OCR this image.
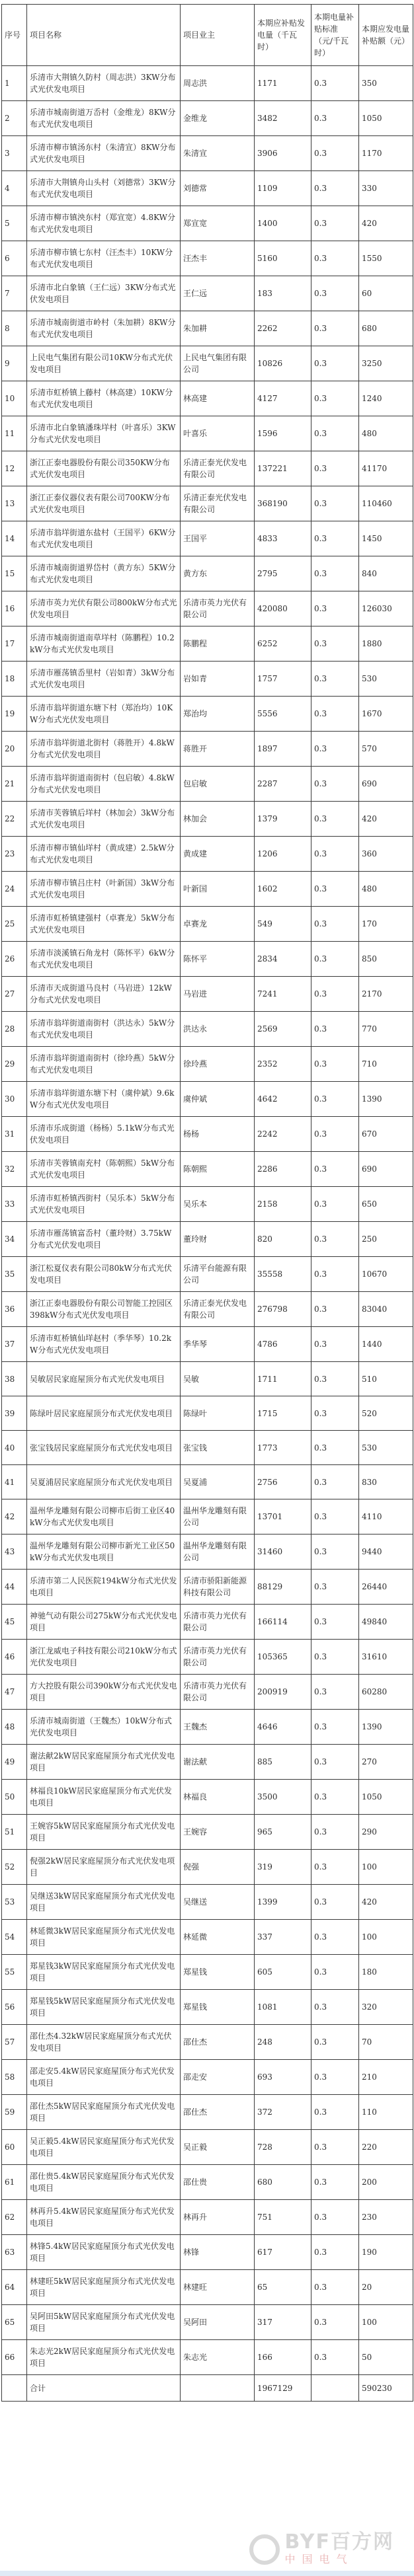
序号	项目名称	项目业主	本期应补贴发电量（千瓦时）	本期电量补贴标准（元/千瓦时）	本期应发电量补贴额（元）
1	乐清市大荆镇久防村（周志洪）3KW分布式光伏发电项目	周志洪	1171	0.3	350
2	乐清市城南街道万岙村（金维龙）8KW分布式光伏发电项目	金维龙	3482	0.3	1050
3	乐清市柳市镇汤东村（朱清宣）8KW分布式光伏发电项目	朱清宣	3906	0.3	1170
4	乐清市大荆镇舟山头村（刘德常）3KW分布式光伏发电项目	刘德常	1109	0.3	330
5	乐清市柳市镇泱东村（郑宣宽）4.8KW分布式光伏发电项目	郑宣宽	1400	0.3	420
6	乐清市柳市镇七东村（汪杰丰）10KW分布式光伏发电项目	汪杰丰	5160	0.3	1550
7	乐清市北白象镇（王仁远）3KW分布式光伏发电项目	王仁远	183	0.3	60
8	乐清市城南街道市岭村（朱加耕）8KW分布式光伏发电项目	朱加耕	2262	0.3	680
9	上民电气集团有限公司10KW分布式光伏发电项目	上民电气集团有限公司	10826	0.3	3250
10	乐清市虹桥镇上藤村（林高建）10KW分布式光伏发电项目	林高建	4127	0.3	1240
11	乐清市北白象镇潘珠垟村（叶喜乐）3KW分布式光伏发电项目	叶喜乐	1596	0.3	480
12	浙江正泰电器股份有限公司350KW分布式光伏发电项目	乐清正泰光伏发电有限公司	137221	0.3	41170
13	浙江正泰仪器仪表有限公司700KW分布式光伏发电项目	乐清正泰光伏发电有限公司	368190	0.3	110460
14	乐清市翁垟街道东盐村（王国平）6KW分布式光伏发电项目	王国平	4833	0.3	1450
15	乐清市城南街道界岱村（黄方东）5KW分布式光伏发电项目	黄方东	2795	0.3	840
16	乐清市英力光伏有限公司800kW分布式光伏发电项目	乐清市英力光伏有限公司	420080	0.3	126030
17	乐清市城南街道南草垟村（陈鹏程）10.2kW分布式光伏发电项目	陈鹏程	6252	0.3	1880
18	乐清市雁荡镇岙里村（岩如青）3kW分布式光伏发电项目	岩如青	1757	0.3	530
19	乐清市翁垟街道东塘下村（郑治均）10KW分布式光伏发电项目	郑治均	5556	0.3	1670
20	乐清市翁垟街道北街村（蒋胜开）4.8kW分布式光伏发电项目	蒋胜开	1897	0.3	570
21	乐清市翁垟街道南街村（包启敏）4.8kW分布式光伏发电项目	包启敏	2287	0.3	690
22	乐清市芙蓉镇后垟村（林加会）3kW分布式光伏发电项目	林加会	1379	0.3	420
23	乐清市柳市镇仙垟村（黄成建）2.5kW分布式光伏发电项目	黄成建	1206	0.3	360
24	乐清市柳市镇吕庄村（叶新国）3kW分布式光伏发电项目	叶新国	1602	0.3	480
25	乐清市虹桥镇建强村（卓赛龙）5kW分布式光伏发电项目	卓赛龙	549	0.3	170
26	乐清市淡溪镇石角龙村（陈怀平）6kW分布式光伏发电项目	陈怀平	2834	0.3	850
27	乐清市天成街道马良村（马岩进）12kW分布式光伏发电项目	马岩进	7241	0.3	2170
28	乐清市翁垟街道南街村（洪达永）5kW分布式光伏发电项目	洪达永	2569	0.3	770
29	乐清市翁垟街道南街村（徐玲燕）5kW分布式光伏发电项目	徐玲燕	2352	0.3	710
30	乐清市翁垟街道东塘下村（虞仲斌）9.6kW分布式光伏发电项目	虞仲斌	4642	0.3	1390
31	乐清市乐成街道（杨杨）5.1kW分布式光伏发电项目	杨杨	2242	0.3	670
32	乐清市芙蓉镇南充村（陈朝熙）5kW分布式光伏发电项目	陈朝熙	2286	0.3	690
33	乐清市虹桥镇西街村（吴乐本）5kW分布式光伏发电项目	吴乐本	2158	0.3	650
34	乐清市雁荡镇富岙村（董玲财）3.75kW分布式光伏发电项目	董玲财	820	0.3	250
35	浙江松夏仪表有限公司80kW分布式光伏发电项目	乐清平台能源有限公司	35558	0.3	10670
36	浙江正泰电器股份有限公司智能工控园区398kW分布式光伏发电项目	乐清正泰光伏发电有限公司	276798	0.3	83040
37	乐清市虹桥镇仙垟赵村（季华琴）10.2kW分布式光伏发电项目	季华琴	4786	0.3	1440
38	吴敏居民家庭屋顶分布式光伏发电项目	吴敏	1711	0.3	510
39	陈绿叶居民家庭屋顶分布式光伏发电项目	陈绿叶	1715	0.3	520
40	张宝钱居民家庭屋顶分布式光伏发电项目	张宝钱	1773	0.3	530
41	吴夏浦居民家庭屋顶分布式光伏发电项目	吴夏浦	2756	0.3	830
42	温州华龙雕刻有限公司柳市后街工业区40kW分布式光伏发电项目	温州华龙雕刻有限公司	13701	0.3	4110
43	温州华龙雕刻有限公司柳市新光工业区50kW分布式光伏发电项目	温州华龙雕刻有限公司	31460	0.3	9440
44	乐清市第二人民医院194kW分布式光伏发电项目	乐清市骄阳新能源科技有限公司	88129	0.3	26440
45	神驰气动有限公司275kW分布式光伏发电项目	乐清市英力光伏有限公司	166114	0.3	49840
46	浙江龙威电子科技有限公司210kW分布式光伏发电项目	乐清市英力光伏有限公司	105365	0.3	31610
47	方大控股有限公司390kW分布式光伏发电项目	乐清市英力光伏有限公司	200919	0.3	60280
48	乐清市城南街道（王魏杰）10kW分布式光伏发电项目	王魏杰	4646	0.3	1390
49	谢法献2kW居民家庭屋顶分布式光伏发电项目	谢法献	885	0.3	270
50	林福良10kW居民家庭屋顶分布式光伏发电项目	林福良	3500	0.3	1050
51	王婉容5kW居民家庭屋顶分布式光伏发电项目	王婉容	965	0.3	290
52	倪强2kW居民家庭屋顶分布式光伏发电项目	倪强	319	0.3	100
53	吴继送3kW居民家庭屋顶分布式光伏发电项目	吴继送	1399	0.3	420
54	林延微3kW居民家庭屋顶分布式光伏发电项目	林延微	337	0.3	100
55	郑星钱3kW居民家庭屋顶分布式光伏发电项目	郑星钱	605	0.3	180
56	郑星钱5kW居民家庭屋顶分布式光伏发电项目	郑星钱	1081	0.3	320
57	邵仕杰4.32kW居民家庭屋顶分布式光伏发电项目	邵仕杰	248	0.3	70
58	邵走安5.4kW居民家庭屋顶分布式光伏发电项目	邵走安	693	0.3	210
59	邵仕杰5kW居民家庭屋顶分布式光伏发电项目	邵仕杰	372	0.3	110
60	吴正毅5.4kW居民家庭屋顶分布式光伏发电项目	吴正毅	728	0.3	220
61	邵仕贵5.4kW居民家庭屋顶分布式光伏发电项目	邵仕贵	680	0.3	200
62	林再升5.4kW居民家庭屋顶分布式光伏发电项目	林再升	751	0.3	230
63	林锋5.4kW居民家庭屋顶分布式光伏发电项目	林锋	617	0.3	190
64	林建旺5kW居民家庭屋顶分布式光伏发电项目	林建旺	65	0.3	20
65	吴阿田5kW居民家庭屋顶分布式光伏发电项目	吴阿田	317	0.3	100
66	朱志光2kW居民家庭屋顶分布式光伏发电项目	朱志光	166	0.3	50
	合计		1967129		590230
BYF百方网
中国电气
